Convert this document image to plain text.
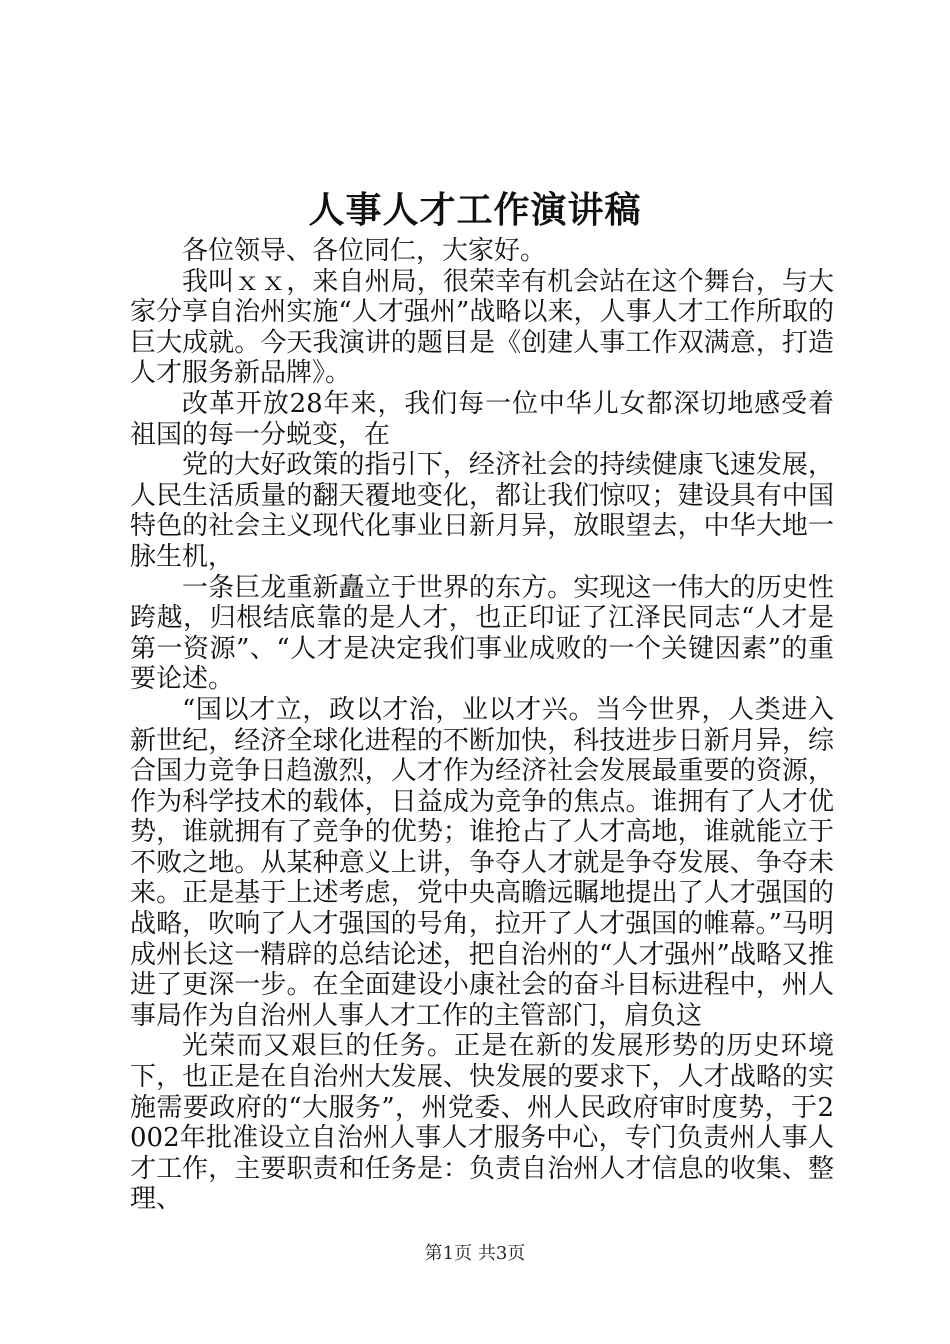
人事人才工作演讲稿

各位领导、各位同仁，大家好。

我叫ｘｘ，来自州局，很荣幸有机会站在这个舞台，与大家分享自治州实施“人才强州”战略以来，人事人才工作所取的巨大成就。今天我演讲的题目是《创建人事工作双满意，打造人才服务新品牌》。

改革开放28年来，我们每一位中华儿女都深切地感受着祖国的每一分蜕变，在

党的大好政策的指引下，经济社会的持续健康飞速发展，人民生活质量的翻天覆地变化，都让我们惊叹；建设具有中国特色的社会主义现代化事业日新月异，放眼望去，中华大地一脉生机，

一条巨龙重新矗立于世界的东方。实现这一伟大的历史性跨越，归根结底靠的是人才，也正印证了江泽民同志“人才是第一资源”、“人才是决定我们事业成败的一个关键因素”的重要论述。

“国以才立，政以才治，业以才兴。当今世界，人类进入新世纪，经济全球化进程的不断加快，科技进步日新月异，综合国力竞争日趋激烈，人才作为经济社会发展最重要的资源，作为科学技术的载体，日益成为竞争的焦点。谁拥有了人才优势，谁就拥有了竞争的优势；谁抢占了人才高地，谁就能立于不败之地。从某种意义上讲，争夺人才就是争夺发展、争夺未来。正是基于上述考虑，党中央高瞻远瞩地提出了人才强国的战略，吹响了人才强国的号角，拉开了人才强国的帷幕。”马明成州长这一精辟的总结论述，把自治州的“人才强州”战略又推进了更深一步。在全面建设小康社会的奋斗目标进程中，州人事局作为自治州人事人才工作的主管部门，肩负这

光荣而又艰巨的任务。正是在新的发展形势的历史环境下，也正是在自治州大发展、快发展的要求下，人才战略的实施需要政府的“大服务”，州党委、州人民政府审时度势，于2002年批准设立自治州人事人才服务中心，专门负责州人事人才工作，主要职责和任务是：负责自治州人才信息的收集、整理、

第1页 共3页
